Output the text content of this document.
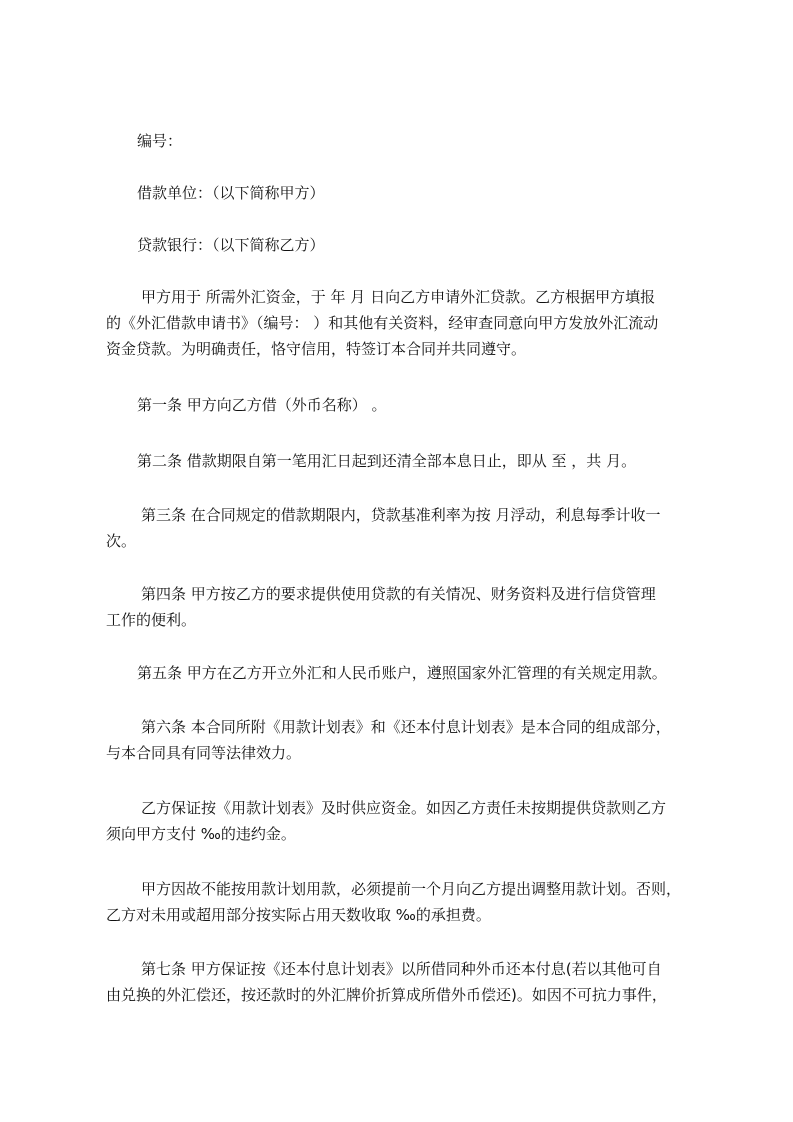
编号：

借款单位：（以下简称甲方）

贷款银行：（以下简称乙方）

甲方用于 所需外汇资金，于 年 月 日向乙方申请外汇贷款。乙方根据甲方填报

的《外汇借款申请书》（编号： ）和其他有关资料，经审查同意向甲方发放外汇流动

资金贷款。为明确责任，恪守信用，特签订本合同并共同遵守。

第一条 甲方向乙方借（外币名称） 。

第二条 借款期限自第一笔用汇日起到还清全部本息日止，即从 至 ，共 月。

第三条 在合同规定的借款期限内，贷款基准利率为按 月浮动，利息每季计收一

次。

第四条 甲方按乙方的要求提供使用贷款的有关情况、财务资料及进行信贷管理

工作的便利。

第五条 甲方在乙方开立外汇和人民币账户，遵照国家外汇管理的有关规定用款。

第六条 本合同所附《用款计划表》和《还本付息计划表》是本合同的组成部分，

与本合同具有同等法律效力。

乙方保证按《用款计划表》及时供应资金。如因乙方责任未按期提供贷款则乙方

须向甲方支付 ‰的违约金。

甲方因故不能按用款计划用款，必须提前一个月向乙方提出调整用款计划。否则，

乙方对未用或超用部分按实际占用天数收取 ‰的承担费。

第七条 甲方保证按《还本付息计划表》以所借同种外币还本付息(若以其他可自

由兑换的外汇偿还，按还款时的外汇牌价折算成所借外币偿还)。如因不可抗力事件，
